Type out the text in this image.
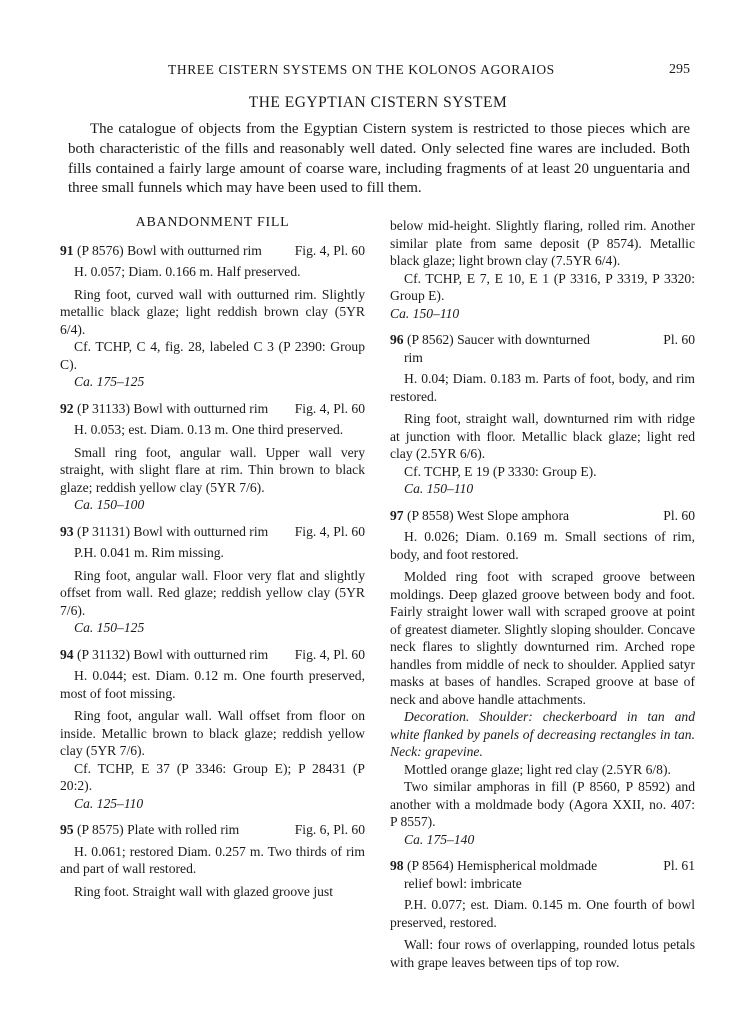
THREE CISTERN SYSTEMS ON THE KOLONOS AGORAIOS	295
THE EGYPTIAN CISTERN SYSTEM

The catalogue of objects from the Egyptian Cistern system is restricted to those pieces which are both characteristic of the fills and reasonably well dated. Only selected fine wares are included. Both fills contained a fairly large amount of coarse ware, including fragments of at least 20 unguentaria and three small funnels which may have been used to fill them.

ABANDONMENT FILL
91 (P 8576) Bowl with outturned rim Fig. 4, Pl. 60

H. 0.057; Diam. 0.166 m. Half preserved.

Ring foot, curved wall with outturned rim. Slightly metallic black glaze; light reddish brown clay (5YR 6/4).

Cf. TCHP, C 4, fig. 28, labeled C 3 (P 2390: Group C).

Ca. 175–125

92 (P 31133) Bowl with outturned rim Fig. 4, Pl. 60

H. 0.053; est. Diam. 0.13 m. One third preserved.

Small ring foot, angular wall. Upper wall very straight, with slight flare at rim. Thin brown to black glaze; reddish yellow clay (5YR 7/6).

Ca. 150–100

93 (P 31131) Bowl with outturned rim Fig. 4, Pl. 60

P.H. 0.041 m. Rim missing.

Ring foot, angular wall. Floor very flat and slightly offset from wall. Red glaze; reddish yellow clay (5YR 7/6).

Ca. 150–125

94 (P 31132) Bowl with outturned rim Fig. 4, Pl. 60

H. 0.044; est. Diam. 0.12 m. One fourth preserved, most of foot missing.

Ring foot, angular wall. Wall offset from floor on inside. Metallic brown to black glaze; reddish yellow clay (5YR 7/6).

Cf. TCHP, E 37 (P 3346: Group E); P 28431 (P 20:2).

Ca. 125–110

95 (P 8575) Plate with rolled rim	Fig. 6, Pl. 60

H. 0.061; restored Diam. 0.257 m. Two thirds of rim and part of wall restored.

Ring foot. Straight wall with glazed groove just

below mid-height. Slightly flaring, rolled rim. Another similar plate from same deposit (P 8574). Metallic black glaze; light brown clay (7.5YR 6/4).

Cf. TCHP, E 7, E 10, E 1 (P 3316, P 3319, P 3320: Group E).

Ca. 150–110

96 (P 8562) Saucer with downturned rim
Pl. 60

H. 0.04; Diam. 0.183 m. Parts of foot, body, and rim restored.

Ring foot, straight wall, downturned rim with ridge at junction with floor. Metallic black glaze; light red clay (2.5YR 6/6).

Cf. TCHP, E 19 (P 3330: Group E).

Ca. 150–110

97 (P 8558) West Slope amphora	Pl. 60

H. 0.026; Diam. 0.169 m. Small sections of rim, body, and foot restored.

Molded ring foot with scraped groove between moldings. Deep glazed groove between body and foot. Fairly straight lower wall with scraped groove at point of greatest diameter. Slightly sloping shoulder. Concave neck flares to slightly downturned rim. Arched rope handles from middle of neck to shoulder. Applied satyr masks at bases of handles. Scraped groove at base of neck and above handle attachments.

Decoration. Shoulder: checkerboard in tan and white flanked by panels of decreasing rectangles in tan. Neck: grapevine.

Mottled orange glaze; light red clay (2.5YR 6/8).

Two similar amphoras in fill (P 8560, P 8592) and another with a moldmade body (Agora XXII, no. 407: P 8557).

Ca. 175–140

98 (P 8564) Hemispherical moldmade relief bowl: imbricate
Pl. 61

P.H. 0.077; est. Diam. 0.145 m. One fourth of bowl preserved, restored.

Wall: four rows of overlapping, rounded lotus petals with grape leaves between tips of top row.
